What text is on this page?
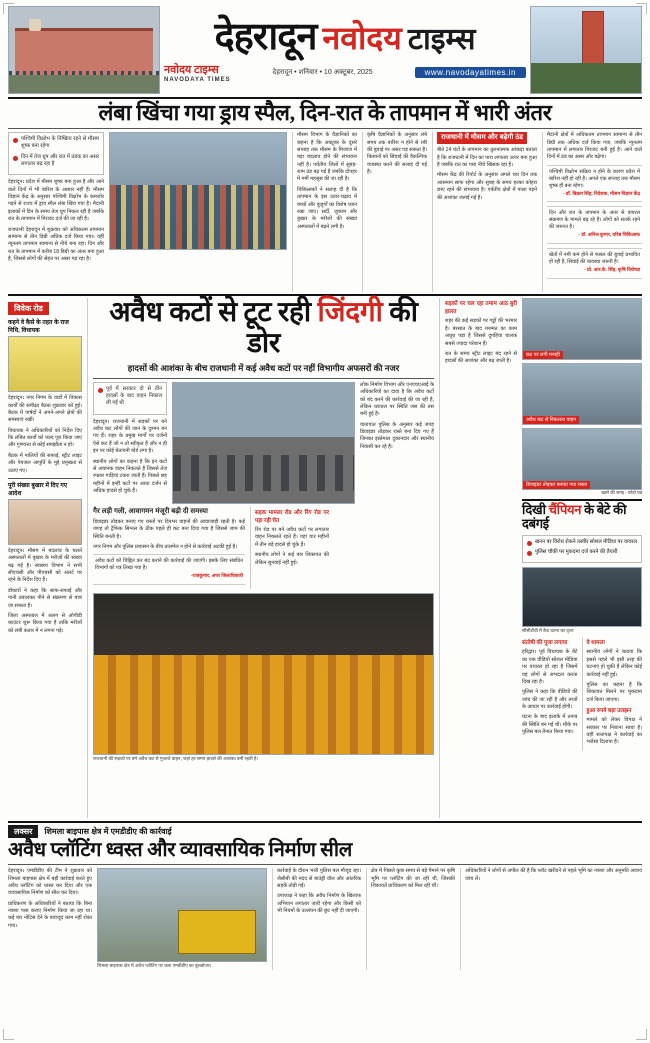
देहरादून नवोदय टाइम्स
नवोदय टाइम्स
NAVODAYA TIMES
देहरादून • शनिवार • 10 अक्टूबर, 2025	www.navodayatimes.in
लंबा खिंचा गया ड्राय स्पैल, दिन-रात के तापमान में भारी अंतर
पश्चिमी विक्षोभ के निष्क्रिय रहने से मौसम शुष्क बना रहेगा
दिन में तेज धूप और रात में ठंडक का असर लगातार बढ़ रहा है

देहरादून। प्रदेश में मौसम शुष्क बना हुआ है और आने वाले दिनों में भी बारिश के आसार नहीं हैं। मौसम विज्ञान केंद्र के अनुसार पश्चिमी विक्षोभ के कमजोर पड़ने से राज्य में ड्राय स्पैल लंबा खिंच गया है। मैदानी इलाकों में दिन के समय तेज धूप निकल रही है जबकि रात के तापमान में गिरावट दर्ज की जा रही है।

राजधानी देहरादून में शुक्रवार को अधिकतम तापमान सामान्य से तीन डिग्री अधिक दर्ज किया गया। वहीं न्यूनतम तापमान सामान्य से नीचे बना रहा। दिन और रात के तापमान में करीब 18 डिग्री का अंतर बना हुआ है, जिससे लोगों की सेहत पर असर पड़ रहा है।

मौसम विभाग के वैज्ञानिकों का कहना है कि अक्टूबर के दूसरे सप्ताह तक मौसम के मिजाज में बड़ा बदलाव होने की संभावना नहीं है। पर्वतीय जिलों में सुबह-शाम ठंड बढ़ गई है जबकि दोपहर में गर्मी महसूस की जा रही है।

चिकित्सकों ने सलाह दी है कि तापमान के इस उतार-चढ़ाव में बच्चों और बुजुर्गों का विशेष ध्यान रखा जाए। सर्दी, जुकाम और बुखार के मरीजों की संख्या अस्पतालों में बढ़ने लगी है।

कृषि वैज्ञानिकों के अनुसार लंबे समय तक बारिश न होने से रबी की बुवाई पर असर पड़ सकता है। किसानों को सिंचाई की वैकल्पिक व्यवस्था करने की सलाह दी गई है।

राजधानी में मौसम और बढ़ेगी ठंड

बीते 24 घंटों के तापमान का तुलनात्मक आंकड़ा बताता है कि राजधानी में दिन का पारा लगातार ऊपर बना हुआ है जबकि रात का पारा नीचे खिसक रहा है।

मौसम केंद्र की रिपोर्ट के अनुसार अगले चार दिन तक आसमान साफ रहेगा और सुबह के समय हल्का कोहरा छाए रहने की संभावना है। पर्वतीय क्षेत्रों में पाला पड़ने की आशंका जताई गई है।

मैदानी क्षेत्रों में अधिकतम तापमान सामान्य से तीन डिग्री तक अधिक दर्ज किया गया, जबकि न्यूनतम तापमान में लगातार गिरावट बनी हुई है। आने वाले दिनों में ठंड का असर और बढ़ेगा।

पश्चिमी विक्षोभ सक्रिय न होने के कारण प्रदेश में बारिश नहीं हो रही है। अगले एक सप्ताह तक मौसम शुष्क ही बना रहेगा।
- डॉ. बिक्रम सिंह, निदेशक, मौसम विज्ञान केंद्र
दिन और रात के तापमान के अंतर से वायरल संक्रमण के मामले बढ़ रहे हैं। लोगों को सतर्क रहने की जरूरत है।
- डॉ. अनिल कुमार, वरिष्ठ चिकित्सक
खेतों में नमी कम होने से फसल की बुवाई प्रभावित हो रही है, सिंचाई की व्यवस्था जरूरी है।
- प्रो. आर.के. सिंह, कृषि विशेषज्ञ
विवेक रोड
कहने वे कैसे के तहत के राज निधि, विधायक

देहरादून। नगर निगम के वार्डों में विकास कार्यों की समीक्षा बैठक शुक्रवार को हुई। बैठक में पार्षदों ने अपने-अपने क्षेत्रों की समस्याएं रखीं।

विधायक ने अधिकारियों को निर्देश दिए कि लंबित कार्यों को जल्द पूरा किया जाए और गुणवत्ता से कोई समझौता न हो।

बैठक में नालियों की सफाई, स्ट्रीट लाइट और पेयजल आपूर्ति के मुद्दे प्रमुखता से उठाए गए।

पूरी संख्या बुखार में दिए गए आदेश

देहरादून। मौसम में बदलाव के चलते अस्पतालों में बुखार के मरीजों की संख्या बढ़ गई है। स्वास्थ्य विभाग ने सभी सीएचसी और पीएचसी को अलर्ट पर रहने के निर्देश दिए हैं।

डॉक्टरों ने कहा कि साफ-सफाई और पानी उबालकर पीने से संक्रमण से बचा जा सकता है।

जिला अस्पताल में अलग से ओपीडी काउंटर शुरू किया गया है ताकि मरीजों को लंबी कतार में न लगना पड़े।

अवैध कटों से टूट रही जिंदगी की डोर
हादसों की आशंका के बीच राजधानी में कई अवैध कटों पर नहीं विभागीय अफसरों की नजर
पूर्व में सरकार दो से तीन हादसों के बाद वाहन निकाल ली गई थी

देहरादून। राजधानी में सड़कों पर बने अवैध कट लोगों की जान के दुश्मन बन गए हैं। शहर के प्रमुख मार्गों पर दर्जनों ऐसे कट हैं जो न तो स्वीकृत हैं और न ही इन पर कोई चेतावनी बोर्ड लगा है।

स्थानीय लोगों का कहना है कि इन कटों से अचानक वाहन निकलते हैं जिससे तेज रफ्तार गाड़ियां टकरा जाती हैं। पिछले छह महीनों में इन्हीं कटों पर आधा दर्जन से अधिक हादसे हो चुके हैं।

लोक निर्माण विभाग और एनएचएआई के अधिकारियों का दावा है कि अवैध कटों को बंद करने की कार्रवाई की जा रही है, लेकिन धरातल पर स्थिति जस की तस बनी हुई है।

यातायात पुलिस के अनुसार कई जगह डिवाइडर तोड़कर रास्ते बना दिए गए हैं जिनका इस्तेमाल दुकानदार और स्थानीय निवासी कर रहे हैं।

गैर लड़ी गली, आवागमन मंजूरी बढ़ी दी समस्या

डिवाइडर तोड़कर बनाए गए रास्तों पर दिनभर वाहनों की आवाजाही रहती है। कई जगह तो ट्रैफिक सिग्नल के ठीक पहले ही कट बना दिया गया है जिससे जाम की स्थिति बनती है।

नगर निगम और पुलिस प्रशासन के बीच तालमेल न होने से कार्रवाई अटकी हुई है।

अवैध कटों को चिह्नित कर बंद कराने की कार्रवाई की जाएगी। इसके लिए संबंधित विभागों को पत्र लिखा गया है।
-राजकुमार, अपर जिलाधिकारी
सड़क मामला रोड और रिंग रोड पर पड़ा रही चेत

रिंग रोड पर बने अवैध कटों पर लगातार वाहन निकलते रहते हैं। यहां चार महीनों में तीन बड़े हादसे हो चुके हैं।

स्थानीय लोगों ने कई बार शिकायत की लेकिन सुनवाई नहीं हुई।

राजधानी की सड़कों पर बने अवैध कट से गुजरते वाहन, जहां हर समय हादसे की आशंका बनी रहती है।
सड़कों पर चल रहा तमाम आठ बुरी हालत

शहर की कई सड़कों पर गड्ढों की भरमार है। बरसात के बाद मरम्मत का काम अधूरा पड़ा है जिससे दुपहिया चालक सबसे ज्यादा परेशान हैं।

रात के समय स्ट्रीट लाइट बंद रहने से हादसों की आशंका और बढ़ जाती है।

कट पर लगी मनाही
अवैध कट से निकलता वाहन
डिवाइडर तोड़कर बनाया गया रास्ता
खतरे की जगह - फोटो पत्र
दिखी चैंपियन के बेटे की दबंगई
खनन पर विरोध रोकने तस्वीर सोशल मीडिया पर वायरल
पुलिस चौकी पर मुकदमा दर्ज करने की तैयारी
सीसीटीवी में कैद घटना का दृश्य
संतोषी की पूजा लगाया

हरिद्वार। पूर्व विधायक के बेटे का एक वीडियो सोशल मीडिया पर वायरल हो रहा है जिसमें वह लोगों से अभद्रता करता दिख रहा है।

पुलिस ने कहा कि वीडियो की जांच की जा रही है और तथ्यों के आधार पर कार्रवाई होगी।

घटना के बाद इलाके में तनाव की स्थिति बन गई थी। मौके पर पुलिस बल तैनात किया गया।

वे थामला

स्थानीय लोगों ने बताया कि इससे पहले भी इसी तरह की घटनाएं हो चुकी हैं लेकिन कोई कार्रवाई नहीं हुई।

पुलिस का कहना है कि शिकायत मिलने पर मुकदमा दर्ज किया जाएगा।

हुआ रुपये बड़ा उलझन

मामले को लेकर विपक्ष ने सरकार पर निशाना साधा है। वहीं सत्तापक्ष ने कार्रवाई का भरोसा दिलाया है।

लक्सर	शिमला बाइपास क्षेत्र में एमडीडीए की कार्रवाई
अवैध प्लॉटिंग ध्वस्त और व्यावसायिक निर्माण सील

देहरादून। एमडीडीए की टीम ने शुक्रवार को शिमला बाइपास क्षेत्र में बड़ी कार्रवाई करते हुए अवैध प्लॉटिंग को ध्वस्त कर दिया और एक व्यावसायिक निर्माण को सील कर दिया।

प्राधिकरण के अधिकारियों ने बताया कि बिना नक्शा पास कराए निर्माण किया जा रहा था। कई बार नोटिस देने के बावजूद काम नहीं रोका गया।

शिमला बाइपास क्षेत्र में अवैध प्लॉटिंग पर चला एमडीडीए का बुलडोजर।

कार्रवाई के दौरान भारी पुलिस बल मौजूद रहा। जेसीबी की मदद से बाउंड्री वॉल और आंतरिक सड़कें तोड़ी गईं।

उपाध्यक्ष ने कहा कि अवैध निर्माण के खिलाफ अभियान लगातार जारी रहेगा और किसी को भी नियमों के उल्लंघन की छूट नहीं दी जाएगी।

क्षेत्र में पिछले कुछ समय से बड़े पैमाने पर कृषि भूमि पर प्लॉटिंग की जा रही थी, जिसकी शिकायतें प्राधिकरण को मिल रही थीं।

अधिकारियों ने लोगों से अपील की है कि प्लॉट खरीदने से पहले भूमि का नक्शा और अनुमति अवश्य जांच लें।
